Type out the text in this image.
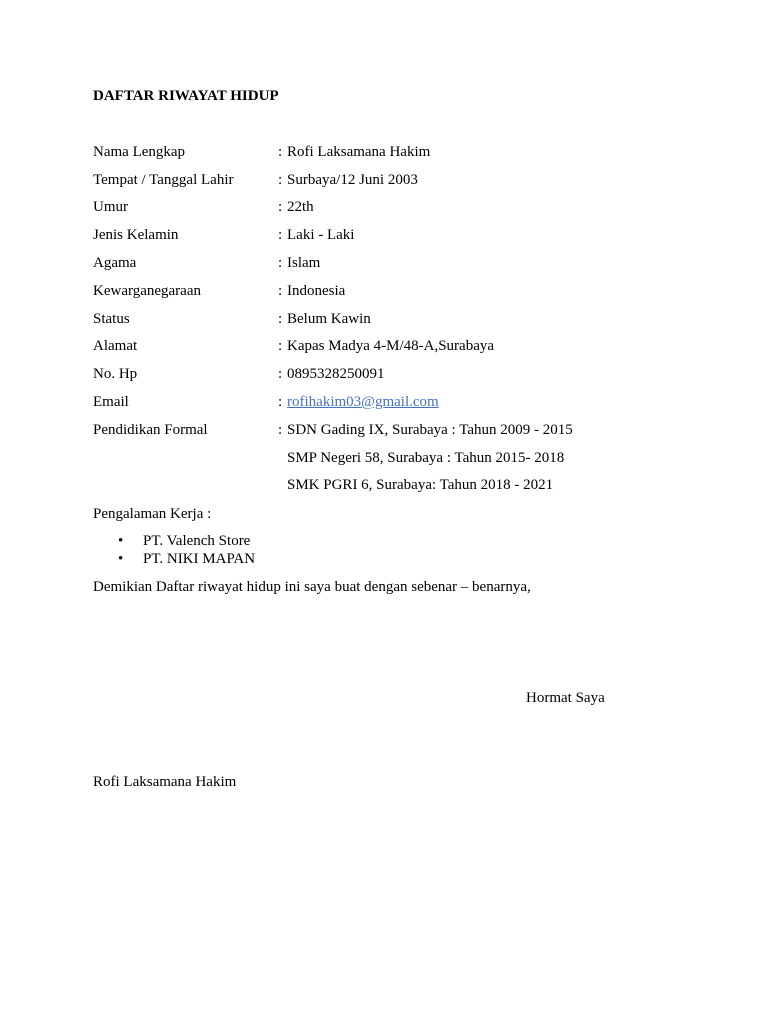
DAFTAR RIWAYAT HIDUP
Nama Lengkap	: Rofi Laksamana Hakim
Tempat / Tanggal Lahir	: Surbaya/12 Juni 2003
Umur	: 22th
Jenis Kelamin	: Laki - Laki
Agama	: Islam
Kewarganegaraan	: Indonesia
Status	: Belum Kawin
Alamat	: Kapas Madya 4-M/48-A,Surabaya
No. Hp	: 0895328250091
Email	: rofihakim03@gmail.com
Pendidikan Formal	: SDN Gading IX, Surabaya : Tahun 2009 - 2015
SMP Negeri 58, Surabaya : Tahun 2015- 2018
SMK PGRI 6, Surabaya: Tahun 2018 - 2021
Pengalaman Kerja :
• PT. Valench Store
• PT. NIKI MAPAN
Demikian Daftar riwayat hidup ini saya buat dengan sebenar – benarnya,
Hormat Saya
Rofi Laksamana Hakim
